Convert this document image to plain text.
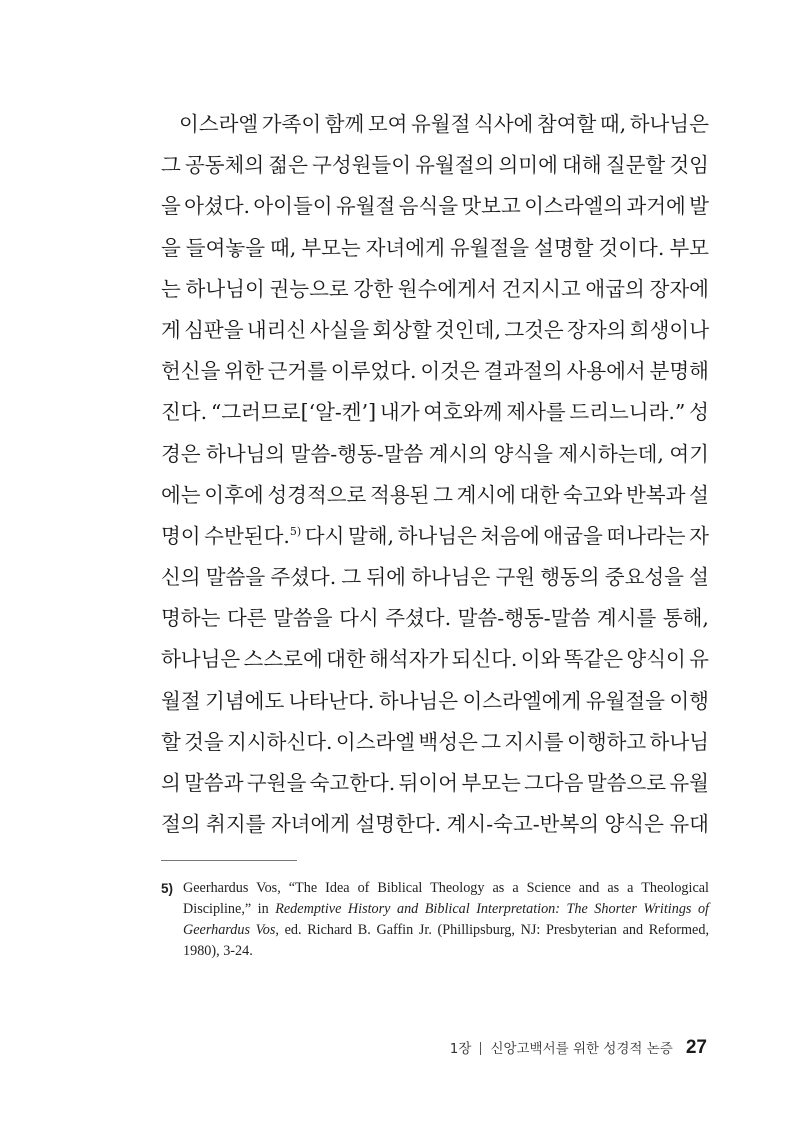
이스라엘 가족이 함께 모여 유월절 식사에 참여할 때, 하나님은
그 공동체의 젊은 구성원들이 유월절의 의미에 대해 질문할 것임
을 아셨다. 아이들이 유월절 음식을 맛보고 이스라엘의 과거에 발
을 들여놓을 때, 부모는 자녀에게 유월절을 설명할 것이다. 부모
는 하나님이 권능으로 강한 원수에게서 건지시고 애굽의 장자에
게 심판을 내리신 사실을 회상할 것인데, 그것은 장자의 희생이나
헌신을 위한 근거를 이루었다. 이것은 결과절의 사용에서 분명해
진다. “그러므로[‘알-켄’] 내가 여호와께 제사를 드리느니라.” 성
경은 하나님의 말씀-행동-말씀 계시의 양식을 제시하는데, 여기
에는 이후에 성경적으로 적용된 그 계시에 대한 숙고와 반복과 설
명이 수반된다.$^{5)}$ 다시 말해, 하나님은 처음에 애굽을 떠나라는 자
신의 말씀을 주셨다. 그 뒤에 하나님은 구원 행동의 중요성을 설
명하는 다른 말씀을 다시 주셨다. 말씀-행동-말씀 계시를 통해,
하나님은 스스로에 대한 해석자가 되신다. 이와 똑같은 양식이 유
월절 기념에도 나타난다. 하나님은 이스라엘에게 유월절을 이행
할 것을 지시하신다. 이스라엘 백성은 그 지시를 이행하고 하나님
의 말씀과 구원을 숙고한다. 뒤이어 부모는 그다음 말씀으로 유월
절의 취지를 자녀에게 설명한다. 계시-숙고-반복의 양식은 유대
5) Geerhardus Vos, “The Idea of Biblical Theology as a Science and as a Theological Discipline,” in Redemptive History and Biblical Interpretation: The Shorter Writings of Geerhardus Vos, ed. Richard B. Gaffin Jr. (Phillipsburg, NJ: Presbyterian and Reformed, 1980), 3-24.
1장 신앙고백서를 위한 성경적 논증 27
